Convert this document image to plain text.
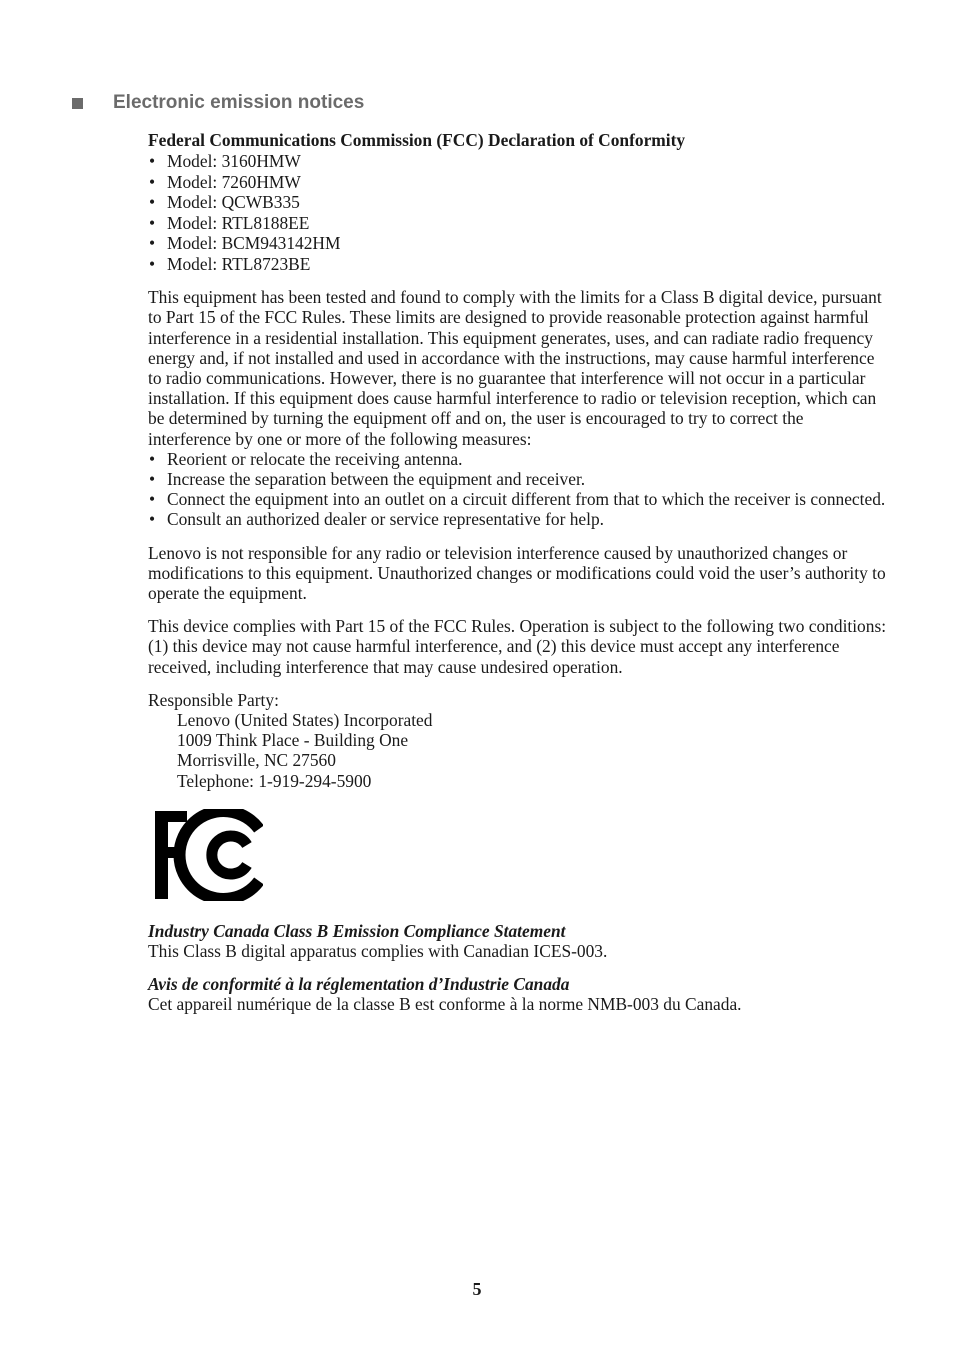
Electronic emission notices

Federal Communications Commission (FCC) Declaration of Conformity

• Model: 3160HMW
• Model: 7260HMW
• Model: QCWB335
• Model: RTL8188EE
• Model: BCM943142HM
• Model: RTL8723BE

This equipment has been tested and found to comply with the limits for a Class B digital device, pursuant to Part 15 of the FCC Rules. These limits are designed to provide reasonable protection against harmful interference in a residential installation. This equipment generates, uses, and can radiate radio frequency energy and, if not installed and used in accordance with the instructions, may cause harmful interference to radio communications. However, there is no guarantee that interference will not occur in a particular installation. If this equipment does cause harmful interference to radio or television reception, which can be determined by turning the equipment off and on, the user is encouraged to try to correct the interference by one or more of the following measures:

• Reorient or relocate the receiving antenna.
• Increase the separation between the equipment and receiver.
• Connect the equipment into an outlet on a circuit different from that to which the receiver is connected.
• Consult an authorized dealer or service representative for help.

Lenovo is not responsible for any radio or television interference caused by unauthorized changes or modifications to this equipment. Unauthorized changes or modifications could void the user’s authority to operate the equipment.

This device complies with Part 15 of the FCC Rules. Operation is subject to the following two conditions: (1) this device may not cause harmful interference, and (2) this device must accept any interference received, including interference that may cause undesired operation.

Responsible Party:

Lenovo (United States) Incorporated

1009 Think Place - Building One

Morrisville, NC 27560

Telephone: 1-919-294-5900

Industry Canada Class B Emission Compliance Statement

This Class B digital apparatus complies with Canadian ICES-003.

Avis de conformité à la réglementation d’Industrie Canada

Cet appareil numérique de la classe B est conforme à la norme NMB-003 du Canada.

5
